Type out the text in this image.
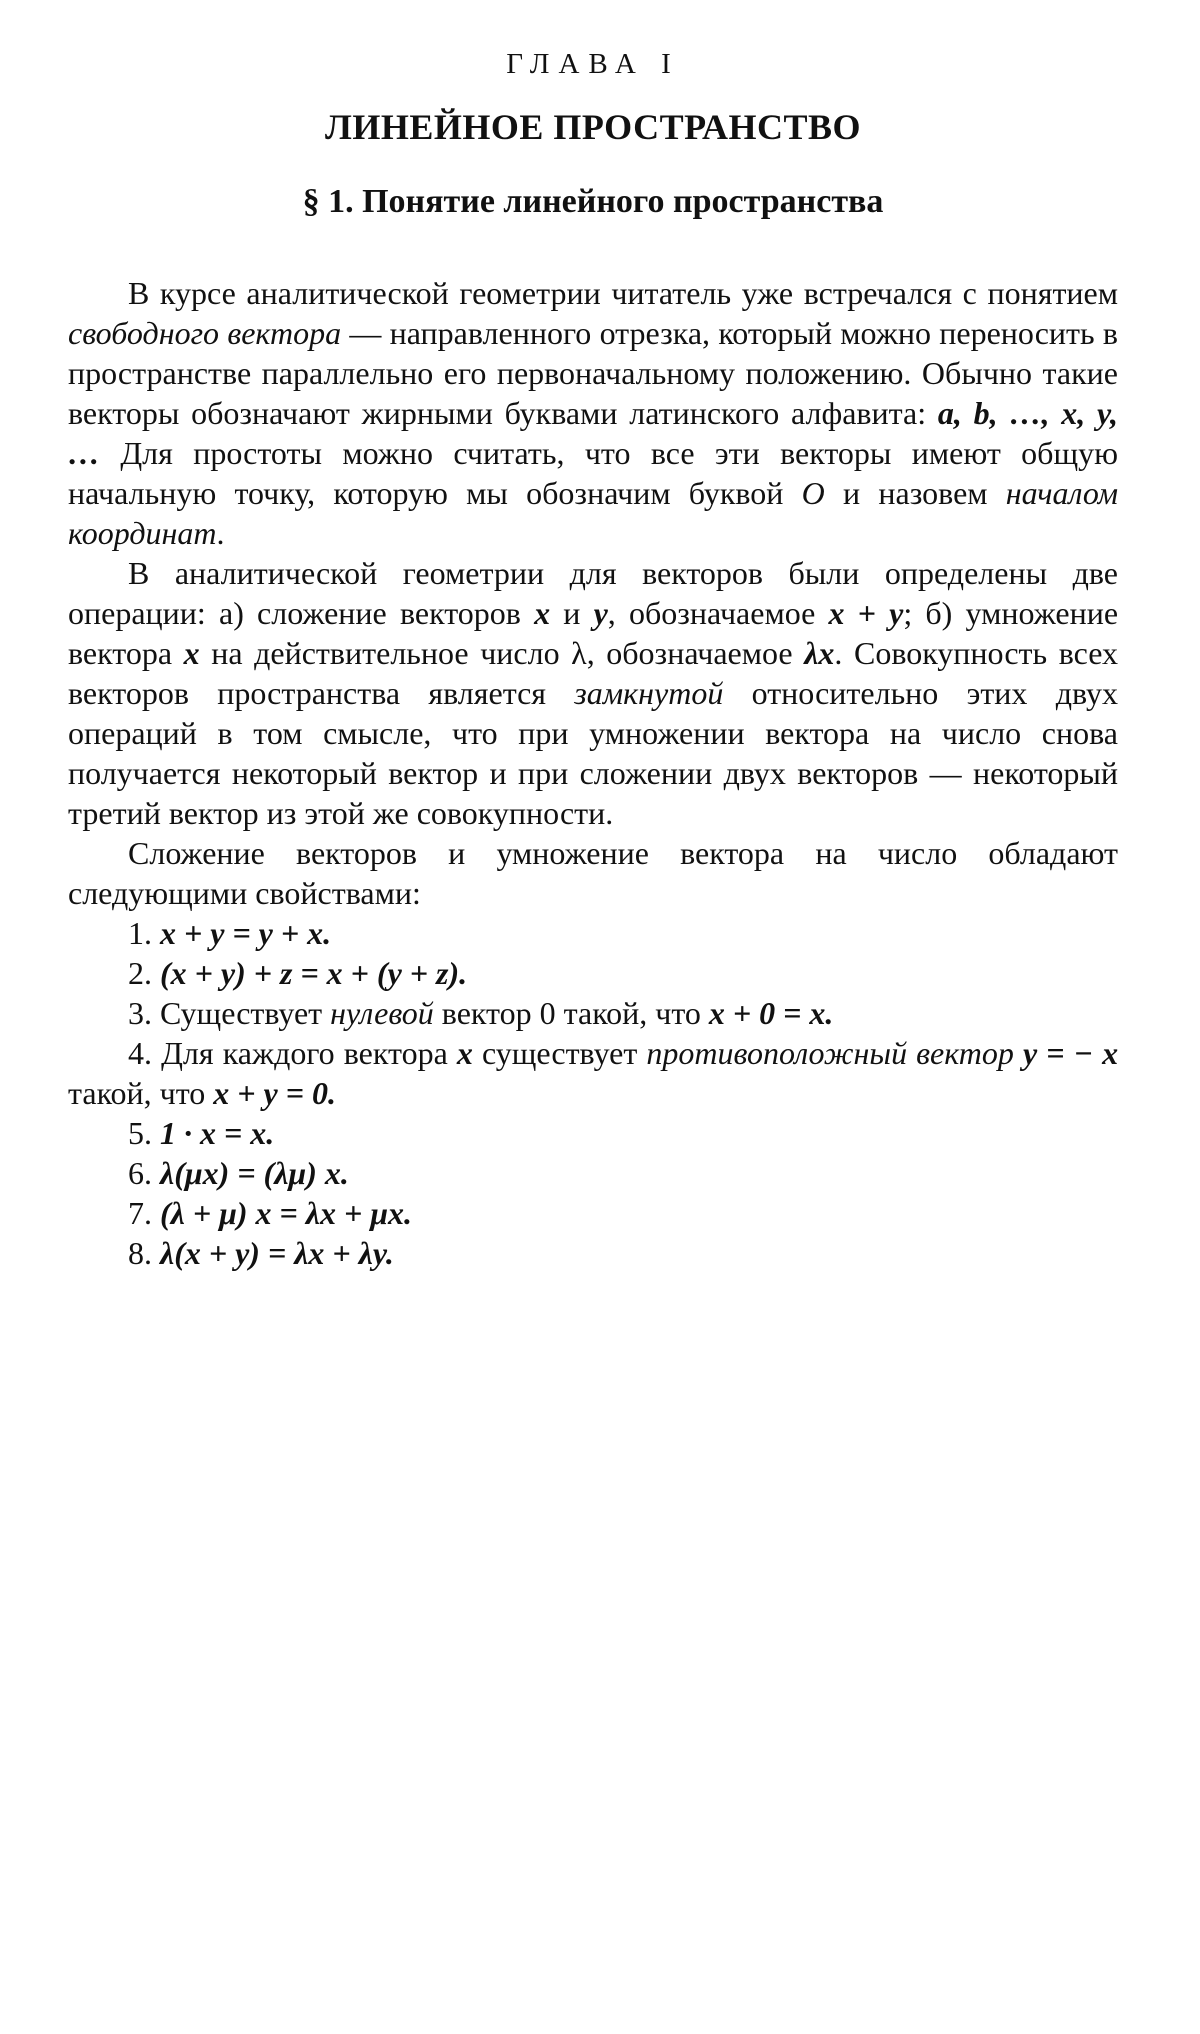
ГЛАВА I
ЛИНЕЙНОЕ ПРОСТРАНСТВО
§ 1. Понятие линейного пространства

В курсе аналитической геометрии читатель уже встречался с понятием свободного вектора — направленного отрезка, который можно переносить в пространстве параллельно его первоначальному положению. Обычно такие векторы обозначают жирными буквами латинского алфавита: a, b, …, x, y, … Для простоты можно считать, что все эти векторы имеют общую начальную точку, которую мы обозначим буквой O и назовем началом координат.

В аналитической геометрии для векторов были определены две операции: а) сложение векторов x и y, обозначаемое x + y; б) умножение вектора x на действительное число λ, обозначаемое λx. Совокупность всех векторов пространства является замкнутой относительно этих двух операций в том смысле, что при умножении вектора на число снова получается некоторый вектор и при сложении двух векторов — некоторый третий вектор из этой же совокупности.

Сложение векторов и умножение вектора на число обладают следующими свойствами:

1. x + y = y + x.
2. (x + y) + z = x + (y + z).
3. Существует нулевой вектор 0 такой, что x + 0 = x.
4. Для каждого вектора x существует противоположный вектор y = − x такой, что x + y = 0.
5. 1 · x = x.
6. λ(μx) = (λμ) x.
7. (λ + μ) x = λx + μx.
8. λ(x + y) = λx + λy.
